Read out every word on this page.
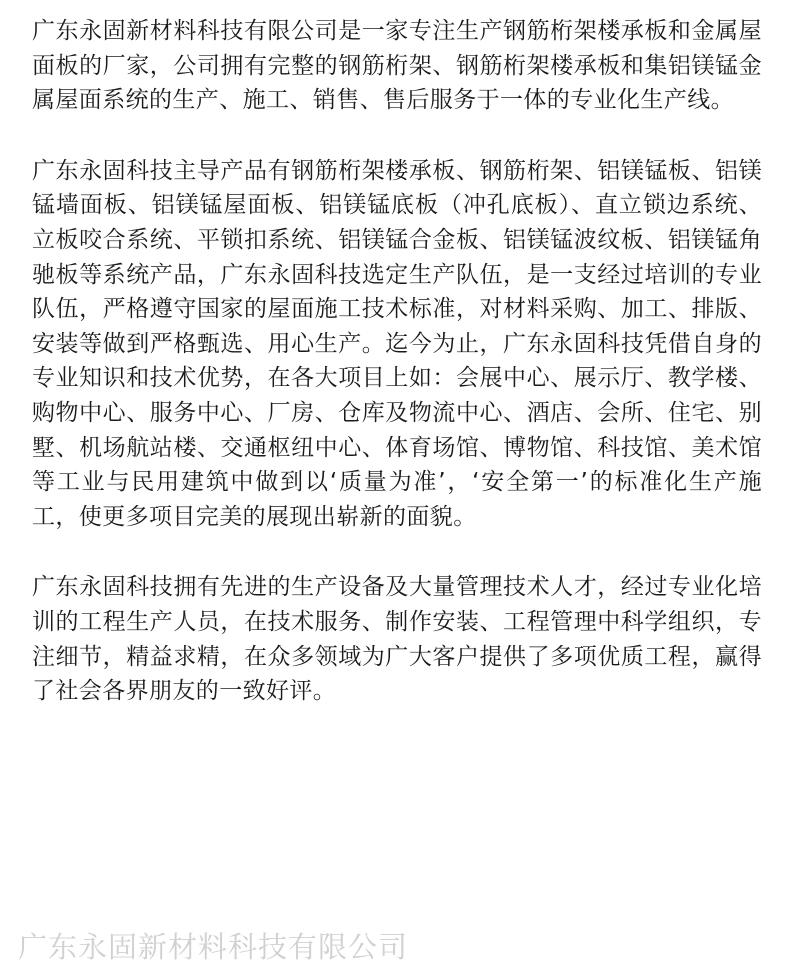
广东永固新材料科技有限公司是一家专注生产钢筋桁架楼承板和金属屋面板的厂家，公司拥有完整的钢筋桁架、钢筋桁架楼承板和集铝镁锰金属屋面系统的生产、施工、销售、售后服务于一体的专业化生产线。

广东永固科技主导产品有钢筋桁架楼承板、钢筋桁架、铝镁锰板、铝镁锰墙面板、铝镁锰屋面板、铝镁锰底板（冲孔底板）、直立锁边系统、立板咬合系统、平锁扣系统、铝镁锰合金板、铝镁锰波纹板、铝镁锰角驰板等系统产品，广东永固科技选定生产队伍，是一支经过培训的专业队伍，严格遵守国家的屋面施工技术标准，对材料采购、加工、排版、安装等做到严格甄选、用心生产。迄今为止，广东永固科技凭借自身的专业知识和技术优势，在各大项目上如：会展中心、展示厅、教学楼、购物中心、服务中心、厂房、仓库及物流中心、酒店、会所、住宅、别墅、机场航站楼、交通枢纽中心、体育场馆、博物馆、科技馆、美术馆等工业与民用建筑中做到以‘质量为准’，‘安全第一’的标准化生产施工，使更多项目完美的展现出崭新的面貌。

广东永固科技拥有先进的生产设备及大量管理技术人才，经过专业化培训的工程生产人员，在技术服务、制作安装、工程管理中科学组织，专注细节，精益求精，在众多领域为广大客户提供了多项优质工程，赢得了社会各界朋友的一致好评。

广东永固新材料科技有限公司
